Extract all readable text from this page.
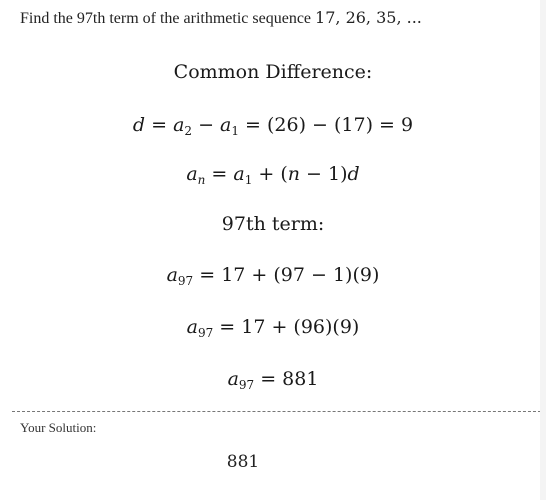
Find the 97th term of the arithmetic sequence 17, 26, 35, ...
Common Difference:
$d = a_2 - a_1 = (26) - (17) = 9$
$a_n = a_1 + (n - 1)d$
97th term:
$a_{97} = 17 + (97 - 1)(9)$
$a_{97} = 17 + (96)(9)$
$a_{97} = 881$
Your Solution:
881
